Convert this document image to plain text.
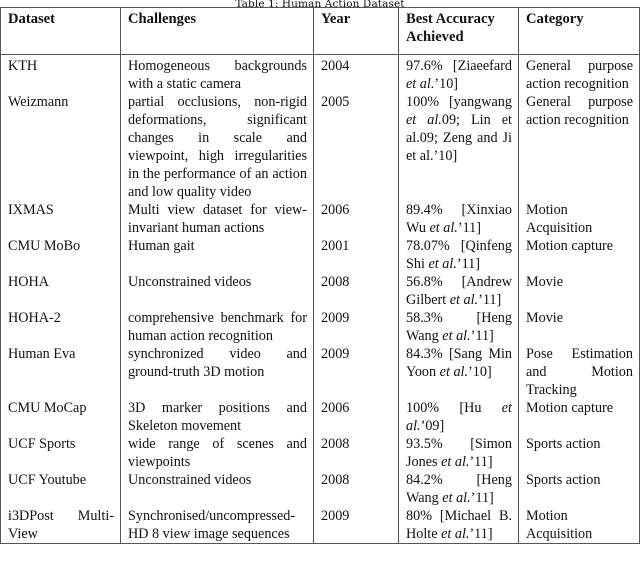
Table 1: Human Action Dataset
Dataset	Challenges	Year	Best Accuracy Achieved	Category
KTH	Homogeneous backgrounds with a static camera	2004	97.6% [Ziaeefard et al.’10]	General purpose action recognition
Weizmann	partial occlusions, non-rigid deformations, significant changes in scale and viewpoint, high irregularities in the performance of an action and low quality video	2005	100% [yangwang et al.09; Lin et al.09; Zeng and Ji et al.’10]	General purpose action recognition
IXMAS	Multi view dataset for view-invariant human actions	2006	89.4% [Xinxiao Wu et al.’11]	Motion Acquisition
CMU MoBo	Human gait	2001	78.07% [Qinfeng Shi et al.’11]	Motion capture
HOHA	Unconstrained videos	2008	56.8% [Andrew Gilbert et al.’11]	Movie
HOHA-2	comprehensive benchmark for human action recognition	2009	58.3% [Heng Wang et al.’11]	Movie
Human Eva	synchronized video and ground-truth 3D motion	2009	84.3% [Sang Min Yoon et al.’10]	Pose Estimation and Motion Tracking
CMU MoCap	3D marker positions and Skeleton movement	2006	100% [Hu et al.’09]	Motion capture
UCF Sports	wide range of scenes and viewpoints	2008	93.5% [Simon Jones et al.’11]	Sports action
UCF Youtube	Unconstrained videos	2008	84.2% [Heng Wang et al.’11]	Sports action
i3DPost Multi-View	Synchronised/uncompressed-HD 8 view image sequences	2009	80% [Michael B. Holte et al.’11]	Motion Acquisition
